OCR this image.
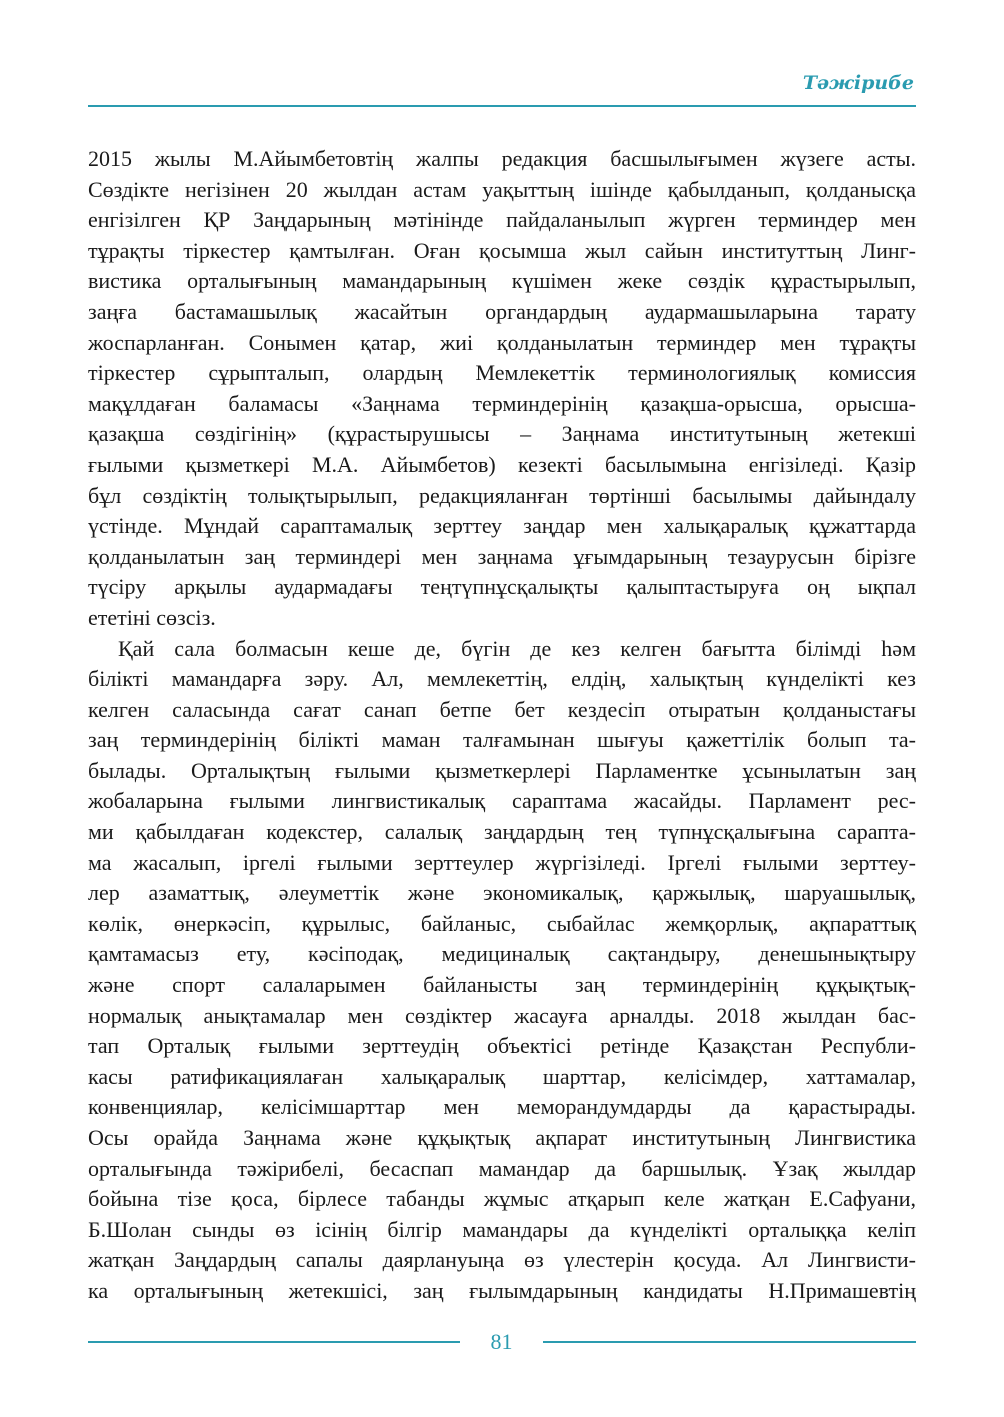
Тәжірибе
2015 жылы М.Айымбетовтің жалпы редакция басшылығымен жүзеге асты.
Сөздікте негізінен 20 жылдан астам уақыттың ішінде қабылданып, қолданысқа
енгізілген ҚР Заңдарының мәтінінде пайдаланылып жүрген терминдер мен
тұрақты тіркестер қамтылған. Оған қосымша жыл сайын институттың Линг-
вистика орталығының мамандарының күшімен жеке сөздік құрастырылып,
заңға бастамашылық жасайтын органдардың аудармашыларына тарату
жоспарланған. Сонымен қатар, жиі қолданылатын терминдер мен тұрақты
тіркестер сұрыпталып, олардың Мемлекеттік терминологиялық комиссия
мақұлдаған баламасы «Заңнама терминдерінің қазақша-орысша, орысша-
қазақша сөздігінің» (құрастырушысы – Заңнама институтының жетекші
ғылыми қызметкері М.А. Айымбетов) кезекті басылымына енгізіледі. Қазір
бұл сөздіктің толықтырылып, редакцияланған төртінші басылымы дайындалу
үстінде. Мұндай сараптамалық зерттеу заңдар мен халықаралық құжаттарда
қолданылатын заң терминдері мен заңнама ұғымдарының тезаурусын бірізге
түсіру арқылы аудармадағы теңтүпнұсқалықты қалыптастыруға оң ықпал
ететіні сөзсіз.
Қай сала болмасын кеше де, бүгін де кез келген бағытта білімді һәм
білікті мамандарға зәру. Ал, мемлекеттің, елдің, халықтың күнделікті кез
келген саласында сағат санап бетпе бет кездесіп отыратын қолданыстағы
заң терминдерінің білікті маман талғамынан шығуы қажеттілік болып та-
былады. Орталықтың ғылыми қызметкерлері Парламентке ұсынылатын заң
жобаларына ғылыми лингвистикалық сараптама жасайды. Парламент рес-
ми қабылдаған кодекстер, салалық заңдардың тең түпнұсқалығына сарапта-
ма жасалып, іргелі ғылыми зерттеулер жүргізіледі. Іргелі ғылыми зерттеу-
лер азаматтық, әлеуметтік және экономикалық, қаржылық, шаруашылық,
көлік, өнеркәсіп, құрылыс, байланыс, сыбайлас жемқорлық, ақпараттық
қамтамасыз ету, кәсіподақ, медициналық сақтандыру, денешынықтыру
және спорт салаларымен байланысты заң терминдерінің құқықтық-
нормалық анықтамалар мен сөздіктер жасауға арналды. 2018 жылдан бас-
тап Орталық ғылыми зерттеудің объектісі ретінде Қазақстан Республи-
касы ратификациялаған халықаралық шарттар, келісімдер, хаттамалар,
конвенциялар, келісімшарттар мен меморандумдарды да қарастырады.
Осы орайда Заңнама және құқықтық ақпарат институтының Лингвистика
орталығында тәжірибелі, бесаспап мамандар да баршылық. Ұзақ жылдар
бойына тізе қоса, бірлесе табанды жұмыс атқарып келе жатқан Е.Сафуани,
Б.Шолан сынды өз ісінің білгір мамандары да күнделікті орталыққа келіп
жатқан Заңдардың сапалы даярлануыңа өз үлестерін қосуда. Ал Лингвисти-
ка орталығының жетекшісі, заң ғылымдарының кандидаты Н.Примашевтің
81
